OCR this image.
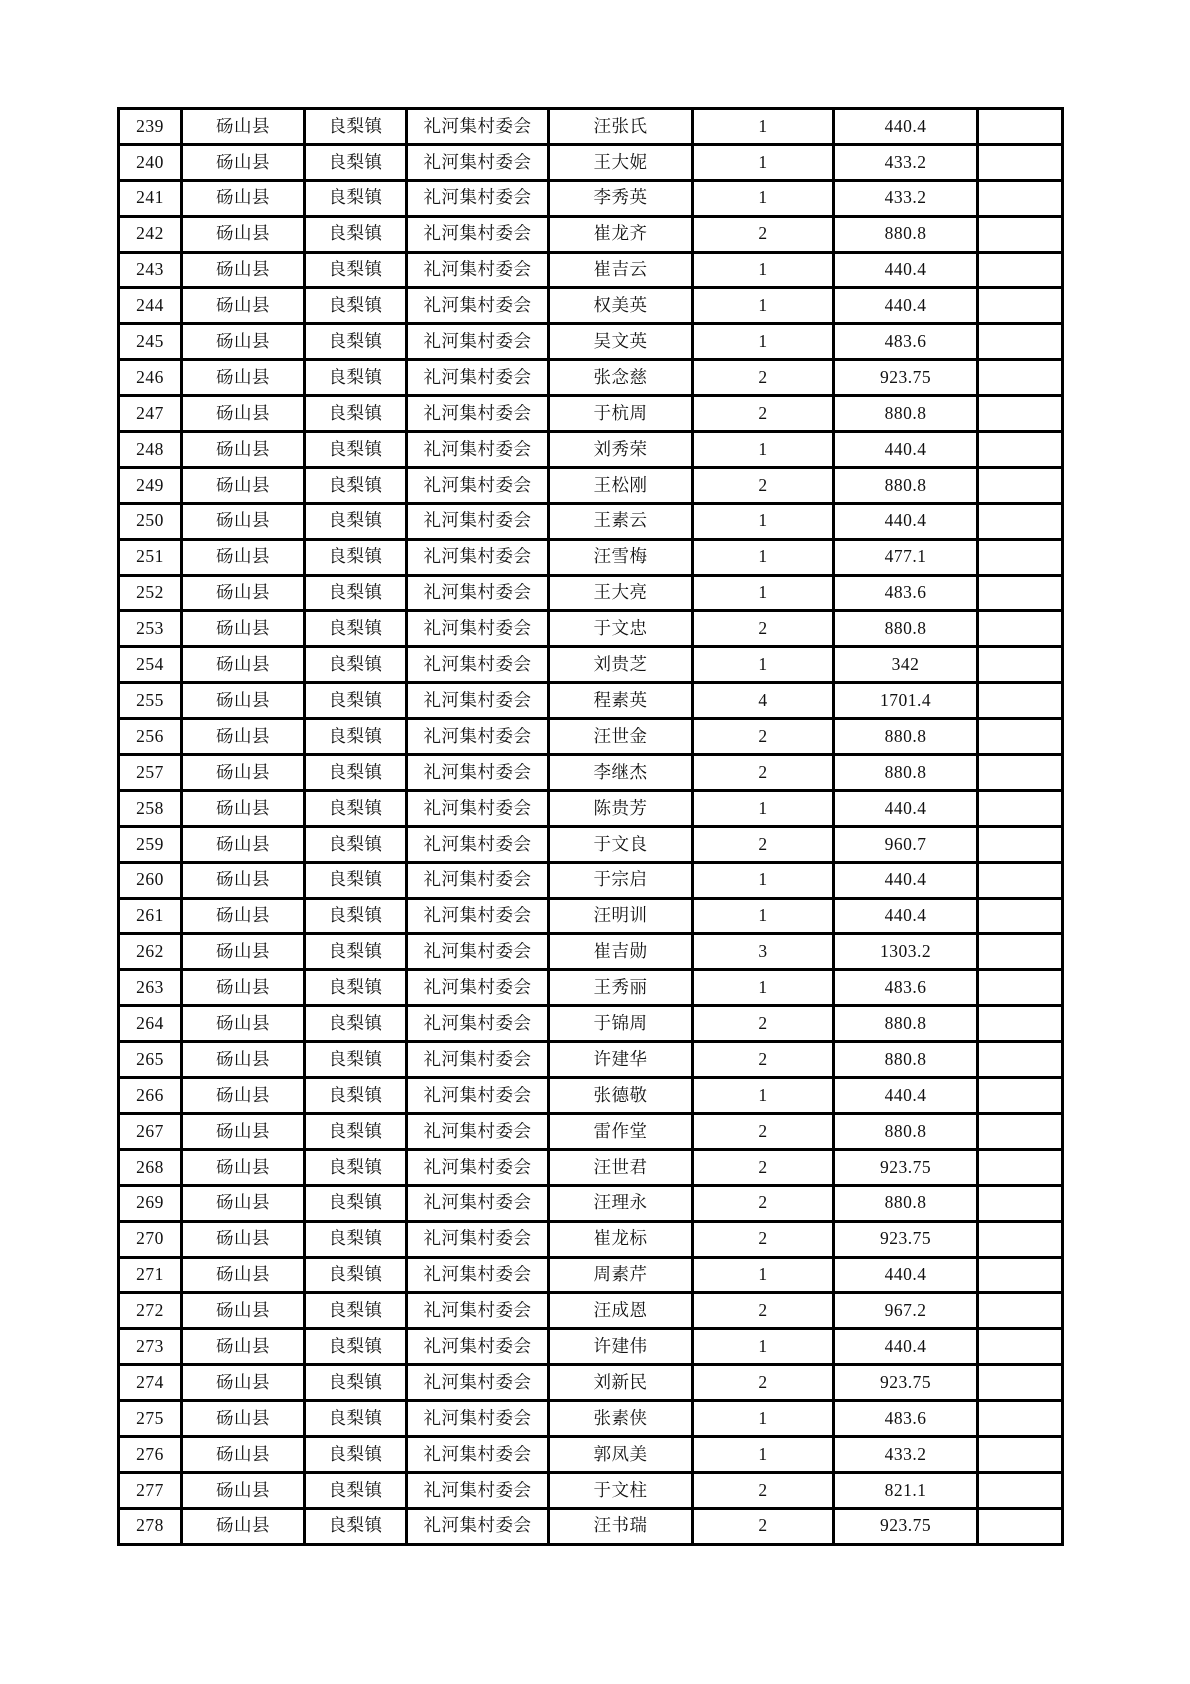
239	砀山县	良梨镇	礼河集村委会	汪张氏	1	440.4	
240	砀山县	良梨镇	礼河集村委会	王大妮	1	433.2	
241	砀山县	良梨镇	礼河集村委会	李秀英	1	433.2	
242	砀山县	良梨镇	礼河集村委会	崔龙齐	2	880.8	
243	砀山县	良梨镇	礼河集村委会	崔吉云	1	440.4	
244	砀山县	良梨镇	礼河集村委会	权美英	1	440.4	
245	砀山县	良梨镇	礼河集村委会	吴文英	1	483.6	
246	砀山县	良梨镇	礼河集村委会	张念慈	2	923.75	
247	砀山县	良梨镇	礼河集村委会	于杭周	2	880.8	
248	砀山县	良梨镇	礼河集村委会	刘秀荣	1	440.4	
249	砀山县	良梨镇	礼河集村委会	王松刚	2	880.8	
250	砀山县	良梨镇	礼河集村委会	王素云	1	440.4	
251	砀山县	良梨镇	礼河集村委会	汪雪梅	1	477.1	
252	砀山县	良梨镇	礼河集村委会	王大亮	1	483.6	
253	砀山县	良梨镇	礼河集村委会	于文忠	2	880.8	
254	砀山县	良梨镇	礼河集村委会	刘贵芝	1	342	
255	砀山县	良梨镇	礼河集村委会	程素英	4	1701.4	
256	砀山县	良梨镇	礼河集村委会	汪世金	2	880.8	
257	砀山县	良梨镇	礼河集村委会	李继杰	2	880.8	
258	砀山县	良梨镇	礼河集村委会	陈贵芳	1	440.4	
259	砀山县	良梨镇	礼河集村委会	于文良	2	960.7	
260	砀山县	良梨镇	礼河集村委会	于宗启	1	440.4	
261	砀山县	良梨镇	礼河集村委会	汪明训	1	440.4	
262	砀山县	良梨镇	礼河集村委会	崔吉勋	3	1303.2	
263	砀山县	良梨镇	礼河集村委会	王秀丽	1	483.6	
264	砀山县	良梨镇	礼河集村委会	于锦周	2	880.8	
265	砀山县	良梨镇	礼河集村委会	许建华	2	880.8	
266	砀山县	良梨镇	礼河集村委会	张德敬	1	440.4	
267	砀山县	良梨镇	礼河集村委会	雷作堂	2	880.8	
268	砀山县	良梨镇	礼河集村委会	汪世君	2	923.75	
269	砀山县	良梨镇	礼河集村委会	汪理永	2	880.8	
270	砀山县	良梨镇	礼河集村委会	崔龙标	2	923.75	
271	砀山县	良梨镇	礼河集村委会	周素芹	1	440.4	
272	砀山县	良梨镇	礼河集村委会	汪成恩	2	967.2	
273	砀山县	良梨镇	礼河集村委会	许建伟	1	440.4	
274	砀山县	良梨镇	礼河集村委会	刘新民	2	923.75	
275	砀山县	良梨镇	礼河集村委会	张素侠	1	483.6	
276	砀山县	良梨镇	礼河集村委会	郭凤美	1	433.2	
277	砀山县	良梨镇	礼河集村委会	于文柱	2	821.1	
278	砀山县	良梨镇	礼河集村委会	汪书瑞	2	923.75	
